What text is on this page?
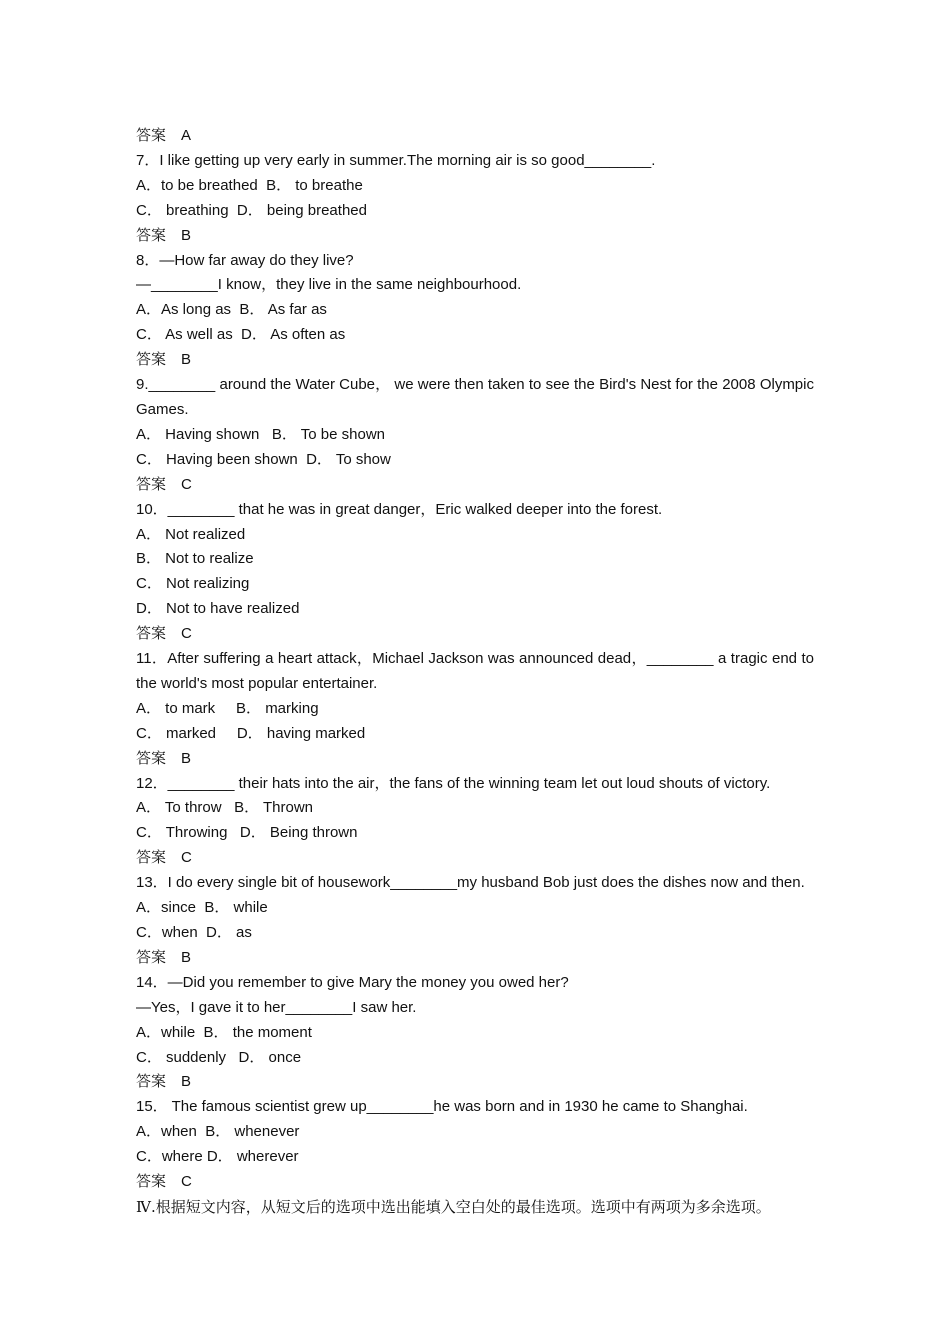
答案　A
7．I like getting up very early in summer.The morning air is so good________.
A．to be breathed  B． to breathe
C． breathing  D． being breathed
答案　B
8．—How far away do they live?
—________I know，they live in the same neighbourhood.
A．As long as  B． As far as
C． As well as  D． As often as
答案　B
9.________ around the Water Cube， we were then taken to see the Bird's Nest for the 2008 Olympic Games.
A． Having shown   B． To be shown
C． Having been shown  D． To show
答案　C
10．________ that he was in great danger，Eric walked deeper into the forest.
A． Not realized
B． Not to realize
C． Not realizing
D． Not to have realized
答案　C
11．After suffering a heart attack，Michael Jackson was announced dead，________ a tragic end to the world's most popular entertainer.
A． to mark     B． marking
C． marked     D． having marked
答案　B
12．________ their hats into the air，the fans of the winning team let out loud shouts of victory.
A． To throw   B． Thrown
C． Throwing   D． Being thrown
答案　C
13．I do every single bit of housework________my husband Bob just does the dishes now and then.
A．since  B． while
C．when  D． as
答案　B
14．—Did you remember to give Mary the money you owed her?
—Yes，I gave it to her________I saw her.
A．while  B． the moment
C． suddenly   D． once
答案　B
15． The famous scientist grew up________he was born and in 1930 he came to Shanghai.
A．when  B． whenever
C．where D． wherever
答案　C
Ⅳ.根据短文内容，从短文后的选项中选出能填入空白处的最佳选项。选项中有两项为多余选项。
